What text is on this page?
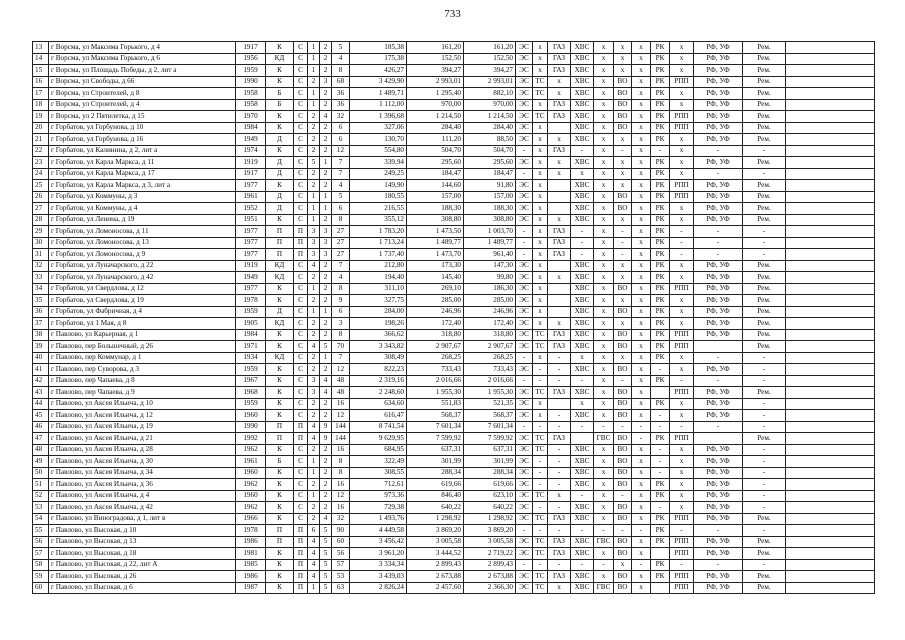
733
13	г Ворсма, ул Максима Горького, д 4	1917	К	С	1	2	5	185,38	161,20	161,20	ЭС	х	ГАЗ	ХВС	х	х	х	РК	х	РФ, УФ	Рем.	
14	г Ворсма, ул Максима Горького, д 6	1956	КД	С	1	2	4	175,38	152,50	152,50	ЭС	х	ГАЗ	ХВС	х	х	х	РК	х	РФ, УФ	Рем.	
15	г Ворсма, ул Площадь Победы, д 2, лит а	1959	К	С	1	2	8	426,27	394,27	394,27	ЭС	х	ГАЗ	ХВС	х	х	х	РК	х	РФ, УФ	Рем.	
16	г Ворсма, ул Свободы, д 66	1990	К	С	2	3	68	3 429,90	2 993,01	2 993,01	ЭС	ТС	х	ХВС	х	ВО	х	РК	РПП	РФ, УФ	Рем.	
17	г Ворсма, ул Строителей, д 8	1958	Б	С	1	2	36	1 489,71	1 295,40	882,10	ЭС	ТС	х	ХВС	х	ВО	х	РК	х	РФ, УФ	Рем.	
18	г Ворсма, ул Строителей, д 4	1958	Б	С	1	2	36	1 112,00	970,00	970,00	ЭС	х	ГАЗ	ХВС	х	ВО	х	РК	х	РФ, УФ	Рем.	
19	г Ворсма, ул 2 Пятилетка, д 15	1970	К	С	2	4	32	1 396,68	1 214,50	1 214,50	ЭС	ТС	ГАЗ	ХВС	х	ВО	х	РК	РПП	РФ, УФ	Рем.	
20	г Горбатов, ул Горбунова, д 10	1984	К	С	2	2	6	327,06	284,40	284,40	ЭС	х		ХВС	х	ВО	х	РК	РПП	РФ, УФ	Рем.	
21	г Горбатов, ул Горбунова, д 16	1949	Д	С	2	2	6	130,70	111,20	88,50	ЭС	х	х	ХВС	х	х	х	РК	х	РФ, УФ	Рем.	
22	г Горбатов, ул Калинина, д 2, лит а	1974	К	С	2	2	12	554,80	504,70	504,70	-	х	ГАЗ	-	х	-	х	-	х	-	-	
23	г Горбатов, ул Карла Маркса, д 11	1919	Д	С	5	1	7	339,94	295,60	295,60	ЭС	х	х	ХВС	х	х	х	РК	х	РФ, УФ	Рем.	
24	г Горбатов, ул Карла Маркса, д 17	1917	Д	С	2	2	7	249,25	184,47	184,47	-	х	х	х	х	х	х	РК	х	-	-	
25	г Горбатов, ул Карла Маркса, д 3, лит а	1977	К	С	2	2	4	149,90	144,60	91,80	ЭС	х		ХВС	х	х	х	РК	РПП	РФ, УФ	Рем.	
26	г Горбатов, ул Коммуны, д 3	1961	Д	С	1	1	5	180,55	157,00	157,00	ЭС	х		ХВС	х	ВО	х	РК	РПП	РФ, УФ	Рем.	
27	г Горбатов, ул Коммуны, д 4	1952	Д	С	1	1	6	216,55	188,30	188,30	ЭС	х		ХВС	х	ВО	х	РК	х	РФ, УФ	Рем.	
28	г Горбатов, ул Ленина, д 19	1951	К	С	1	2	8	355,12	308,80	308,80	ЭС	х	х	ХВС	х	х	х	РК	х	РФ, УФ	Рем.	
29	г Горбатов, ул Ломоносова, д 11	1977	П	П	3	3	27	1 783,20	1 473,50	1 003,70	-	х	ГАЗ	-	х	-	х	РК	-	-	-	
30	г Горбатов, ул Ломоносова, д 13	1977	П	П	3	3	27	1 713,24	1 489,77	1 489,77	-	х	ГАЗ	-	х	-	х	РК	-	-	-	
31	г Горбатов, ул Ломоносова, д 9	1977	П	П	3	3	27	1 737,40	1 473,70	961,40	-	х	ГАЗ	-	х	-	х	РК	-	-	-	
32	г Горбатов, ул Луначарского, д 22	1919	КД	С	4	2	7	212,80	173,30	147,30	ЭС	х		ХВС	х	х	х	РК	х	РФ, УФ	Рем.	
33	г Горбатов, ул Луначарского, д 42	1949	КД	С	2	2	4	194,40	145,40	99,80	ЭС	х	х	ХВС	х	х	х	РК	х	РФ, УФ	Рем.	
34	г Горбатов, ул Свердлова, д 12	1977	К	С	1	2	8	311,10	269,10	186,30	ЭС	х		ХВС	х	ВО	х	РК	РПП	РФ, УФ	Рем.	
35	г Горбатов, ул Свердлова, д 19	1978	К	С	2	2	9	327,75	285,00	285,00	ЭС	х		ХВС	х	х	х	РК	х	РФ, УФ	Рем.	
36	г Горбатов, ул Фабричная, д 4	1959	Д	С	1	1	6	284,00	246,96	246,96	ЭС	х		ХВС	х	ВО	х	РК	х	РФ, УФ	Рем.	
37	г Горбатов, ул 1 Мая, д 8	1905	КД	С	2	2	3	198,26	172,40	172,40	ЭС	х	х	ХВС	х	х	х	РК	х	РФ, УФ	Рем.	
38	г Павлово, ул Карьерная, д 1	1984	К	С	2	2	8	366,62	318,80	318,80	ЭС	ТС	ГАЗ	ХВС	х	ВО	х	РК	РПП	РФ, УФ	Рем.	
39	г Павлово, пер Большечный, д 26	1971	К	С	4	5	70	3 343,82	2 907,67	2 907,67	ЭС	ТС	ГАЗ	ХВС	х	ВО	х	РК	РПП		Рем.	
40	г Павлово, пер Коммунар, д 1	1934	КД	С	2	1	7	308,49	268,25	268,25	-	х	-	х	х	х	х	РК	х	-	-	
41	г Павлово, пер Суворова, д 3	1959	К	С	2	2	12	822,23	733,43	733,43	ЭС	-	-	ХВС	х	ВО	х	-	х	РФ, УФ	-	
42	г Павлово, пер Чапаева, д 8	1967	К	С	3	4	48	2 319,16	2 016,66	2 016,66	-	-	-	-	х	-	х	РК	-	-	-	
43	г Павлово, пер Чапаева, д 9	1968	К	С	3	4	48	2 248,60	1 955,30	1 955,30	ЭС	ТС	ГАЗ	ХВС	х	ВО	х		РПП	РФ, УФ	Рем.	
44	г Павлово, ул Аксея Ильича, д 10	1959	К	С	2	2	16	634,60	551,83	521,35	ЭС	х		х	х	ВО	х	РК	х	РФ, УФ	-	
45	г Павлово, ул Аксея Ильича, д 12	1960	К	С	2	2	12	616,47	568,37	568,37	ЭС	х	-	ХВС	х	ВО	х	-	х	РФ, УФ	-	
46	г Павлово, ул Аксея Ильича, д 19	1990	П	П	4	9	144	8 741,54	7 601,34	7 601,34	-	-	-	-	-	-	-	-	-	-	-	
47	г Павлово, ул Аксея Ильича, д 21	1992	П	П	4	9	144	9 629,95	7 599,92	7 599,92	ЭС	ТС	ГАЗ		ГВС	ВО	-	РК	РПП		Рем.	
48	г Павлово, ул Аксея Ильича, д 28	1962	К	С	2	2	16	684,95	637,31	637,31	ЭС	ТС	-	ХВС	х	ВО	х	-	х	РФ, УФ	-	
49	г Павлово, ул Аксея Ильича, д 30	1961	Б	С	1	2	8	322,49	301,99	301,99	ЭС	-	-	ХВС	х	ВО	х	-	х	РФ, УФ	-	
50	г Павлово, ул Аксея Ильича, д 34	1960	К	С	1	2	8	308,55	288,34	288,34	ЭС	-	-	ХВС	х	ВО	х	-	х	РФ, УФ	-	
51	г Павлово, ул Аксея Ильича, д 36	1962	К	С	2	2	16	712,61	619,66	619,66	ЭС	-	-	ХВС	х	ВО	х	РК	х	РФ, УФ	-	
52	г Павлово, ул Аксея Ильича, д 4	1960	К	С	1	2	12	973,36	846,40	623,10	ЭС	ТС	х	-	х	-	х	РК	х	РФ, УФ	-	
53	г Павлово, ул Аксея Ильича, д 42	1962	К	С	2	2	16	729,38	640,22	640,22	ЭС	-	-	ХВС	х	ВО	х	-	х	РФ, УФ	-	
54	г Павлово, ул Виноградова, д 1, лит в	1966	К	С	2	4	32	1 493,76	1 298,92	1 298,92	ЭС	ТС	ГАЗ	ХВС	х	ВО	х	РК	РПП	РФ, УФ	Рем.	
55	г Павлово, ул Высокая, д 10	1978	П	П	6	5	90	4 449,58	3 869,20	3 869,20	-	-	-	-	-	-	-	РК	-	-	-	
56	г Павлово, ул Высокая, д 13	1986	П	П	4	5	60	3 456,42	3 005,58	3 005,58	ЭС	ТС	ГАЗ	ХВС	ГВС	ВО	х	РК	РПП	РФ, УФ	Рем.	
57	г Павлово, ул Высокая, д 18	1981	К	П	4	5	56	3 961,20	3 444,52	2 719,22	ЭС	ТС	ГАЗ	ХВС	х	ВО	х		РПП	РФ, УФ	Рем.	
58	г Павлово, ул Высокая, д 22, лит А	1985	К	П	4	5	57	3 334,34	2 899,43	2 899,43	-	-	-	-	-	х	-	РК	-	-	-	
59	г Павлово, ул Высокая, д 26	1986	К	П	4	5	53	3 439,03	2 673,88	2 673,88	ЭС	ТС	ГАЗ	ХВС	х	ВО	х	РК	РПП	РФ, УФ	Рем.	
60	г Павлово, ул Высокая, д 6	1987	К	П	1	5	63	2 826,24	2 457,60	2 366,30	ЭС	ТС	х	ХВС	ГВС	ВО	х		РПП	РФ, УФ	Рем.	
